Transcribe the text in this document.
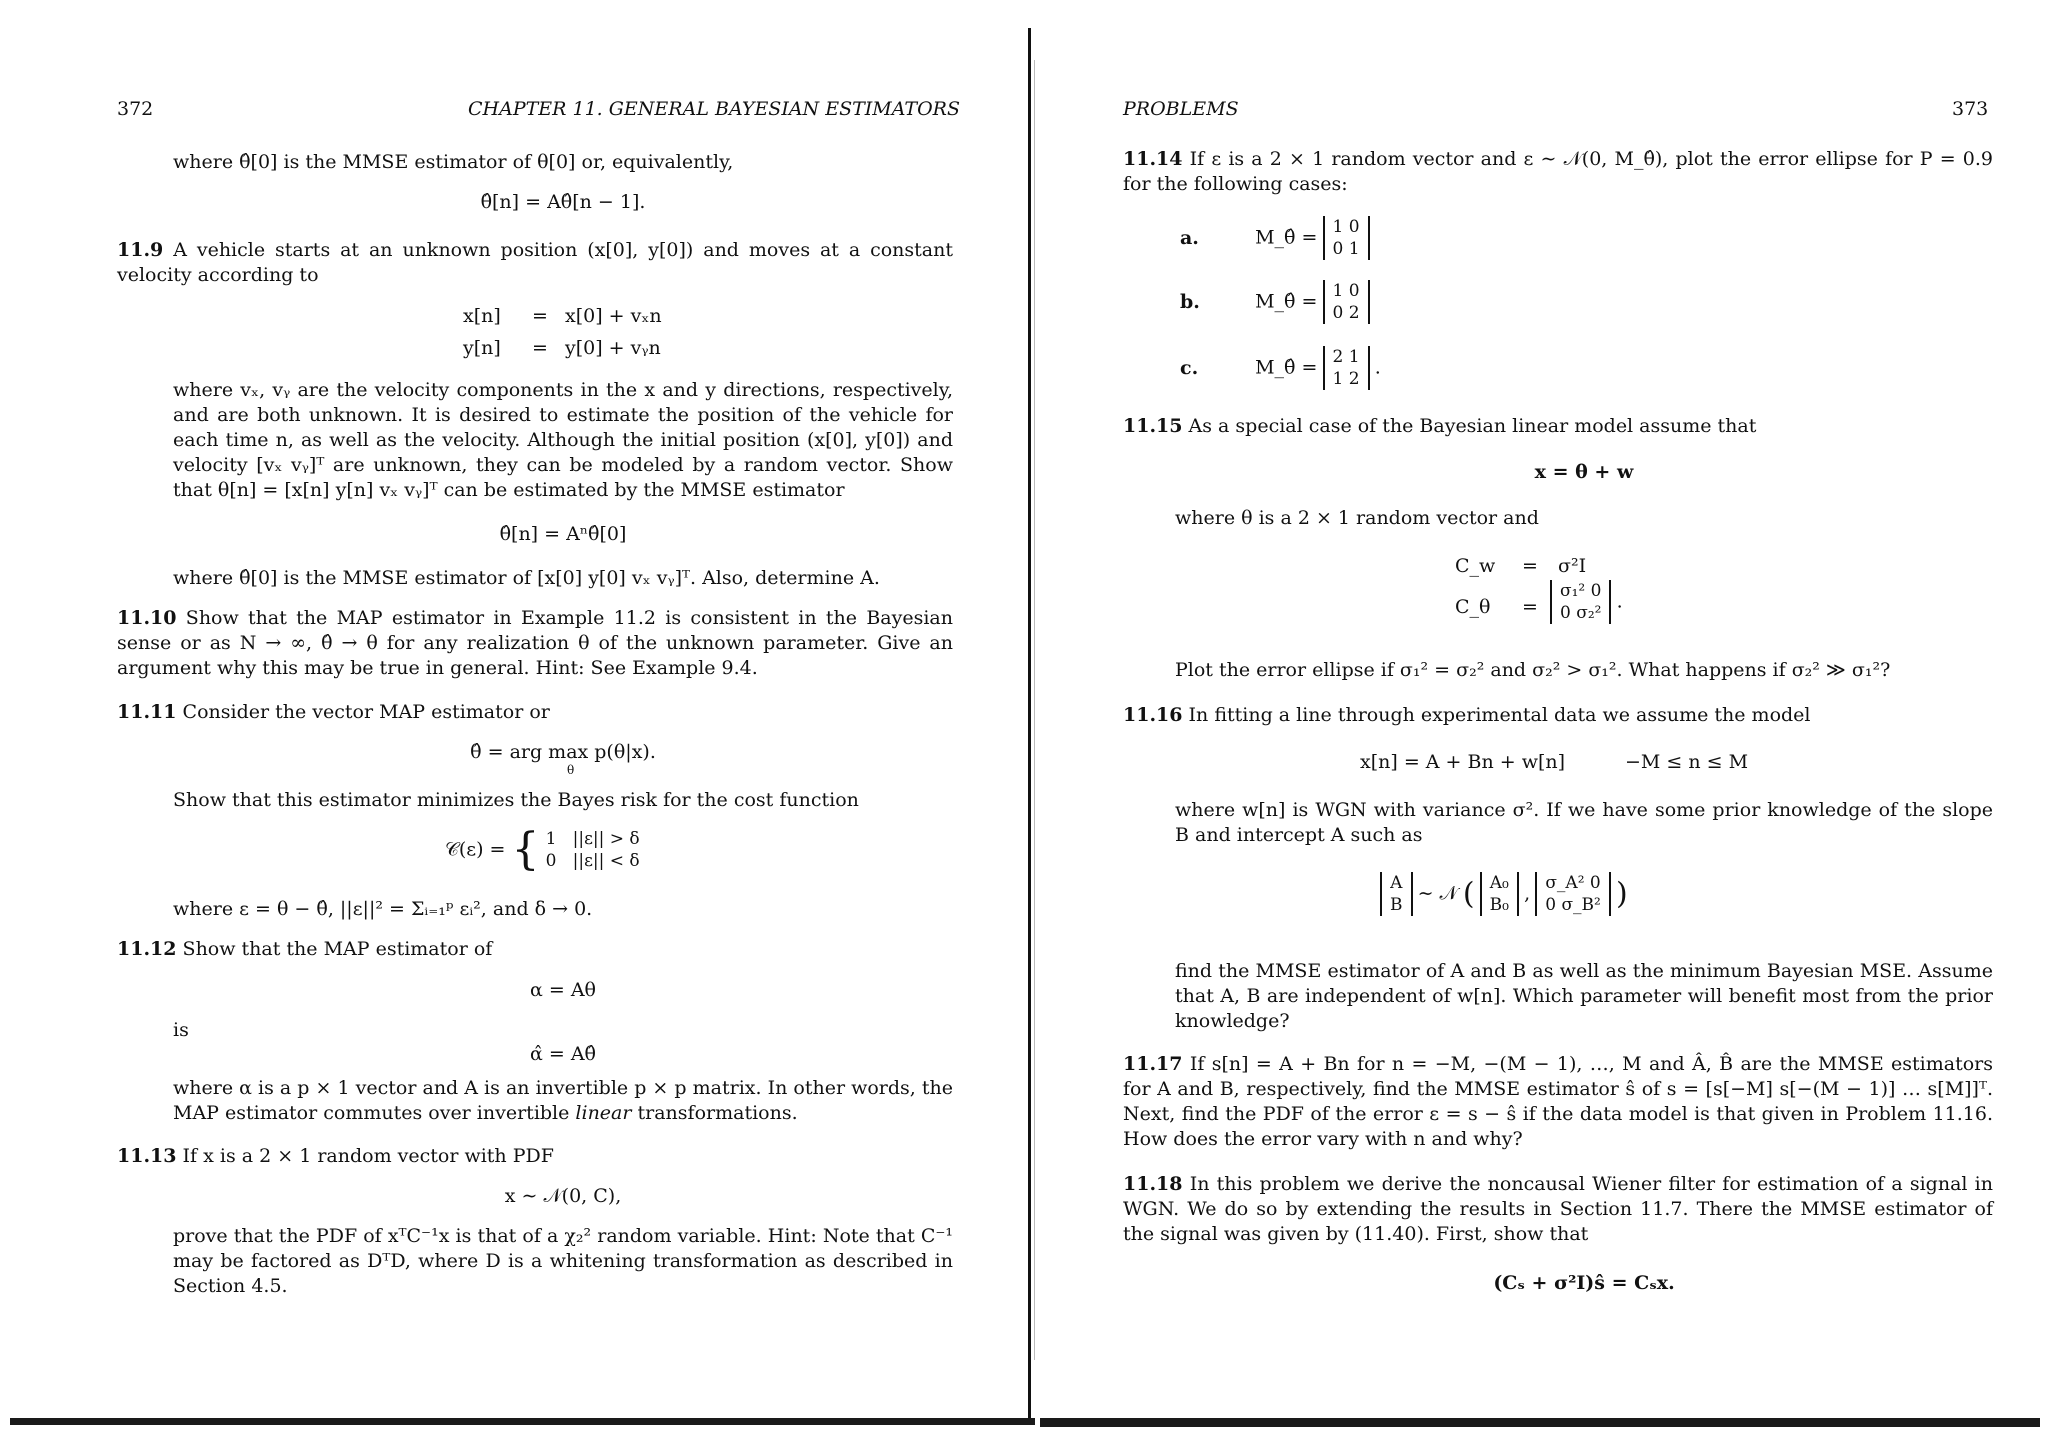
372	CHAPTER 11. GENERAL BAYESIAN ESTIMATORS
where θ̂[0] is the MMSE estimator of θ[0] or, equivalently,
θ̂[n] = Aθ̂[n − 1].
11.9 A vehicle starts at an unknown position (x[0], y[0]) and moves at a constant velocity according to
x[n] = x[0] + vₓn
y[n] = y[0] + vᵧn
where vₓ, vᵧ are the velocity components in the x and y directions, respectively, and are both unknown. It is desired to estimate the position of the vehicle for each time n, as well as the velocity. Although the initial position (x[0], y[0]) and velocity [vₓ vᵧ]ᵀ are unknown, they can be modeled by a random vector. Show that θ[n] = [x[n] y[n] vₓ vᵧ]ᵀ can be estimated by the MMSE estimator
θ̂[n] = Aⁿθ̂[0]
where θ̂[0] is the MMSE estimator of [x[0] y[0] vₓ vᵧ]ᵀ. Also, determine A.
11.10 Show that the MAP estimator in Example 11.2 is consistent in the Bayesian sense or as N → ∞, θ̂ → θ for any realization θ of the unknown parameter. Give an argument why this may be true in general. Hint: See Example 9.4.
11.11 Consider the vector MAP estimator or
θ̂ = arg max p(θ|x).
θ
Show that this estimator minimizes the Bayes risk for the cost function
𝒞(ε) = { 1 ||ε|| > δ
0 ||ε|| < δ
where ε = θ − θ̂, ||ε||² = Σᵢ₌₁ᵖ εᵢ², and δ → 0.
11.12 Show that the MAP estimator of
α = Aθ
is
α̂ = Aθ̂
where α is a p × 1 vector and A is an invertible p × p matrix. In other words, the MAP estimator commutes over invertible linear transformations.
11.13 If x is a 2 × 1 random vector with PDF
x ∼ 𝒩(0, C),
prove that the PDF of xᵀC⁻¹x is that of a χ₂² random variable. Hint: Note that C⁻¹ may be factored as DᵀD, where D is a whitening transformation as described in Section 4.5.
PROBLEMS	373
11.14 If ε is a 2 × 1 random vector and ε ∼ 𝒩(0, M_θ̂), plot the error ellipse for P = 0.9 for the following cases:
a.	M_θ̂ = 1 0
0 1
b.	M_θ̂ = 1 0
0 2
c.	M_θ̂ = 2 1
1 2 .
11.15 As a special case of the Bayesian linear model assume that
x = θ + w
where θ is a 2 × 1 random vector and
C_w = σ²I
C_θ =
σ₁² 0
0 σ₂² .
Plot the error ellipse if σ₁² = σ₂² and σ₂² > σ₁². What happens if σ₂² ≫ σ₁²?
11.16 In fitting a line through experimental data we assume the model
x[n] = A + Bn + w[n]	−M ≤ n ≤ M
where w[n] is WGN with variance σ². If we have some prior knowledge of the slope B and intercept A such as
A
B ∼ 𝒩 ( A₀
B₀ , σ_A² 0
0 σ_B² )
find the MMSE estimator of A and B as well as the minimum Bayesian MSE. Assume that A, B are independent of w[n]. Which parameter will benefit most from the prior knowledge?
11.17 If s[n] = A + Bn for n = −M, −(M − 1), …, M and Â, B̂ are the MMSE estimators for A and B, respectively, find the MMSE estimator ŝ of s = [s[−M] s[−(M − 1)] … s[M]]ᵀ. Next, find the PDF of the error ε = s − ŝ if the data model is that given in Problem 11.16. How does the error vary with n and why?
11.18 In this problem we derive the noncausal Wiener filter for estimation of a signal in WGN. We do so by extending the results in Section 11.7. There the MMSE estimator of the signal was given by (11.40). First, show that
(Cₛ + σ²I)ŝ = Cₛx.
